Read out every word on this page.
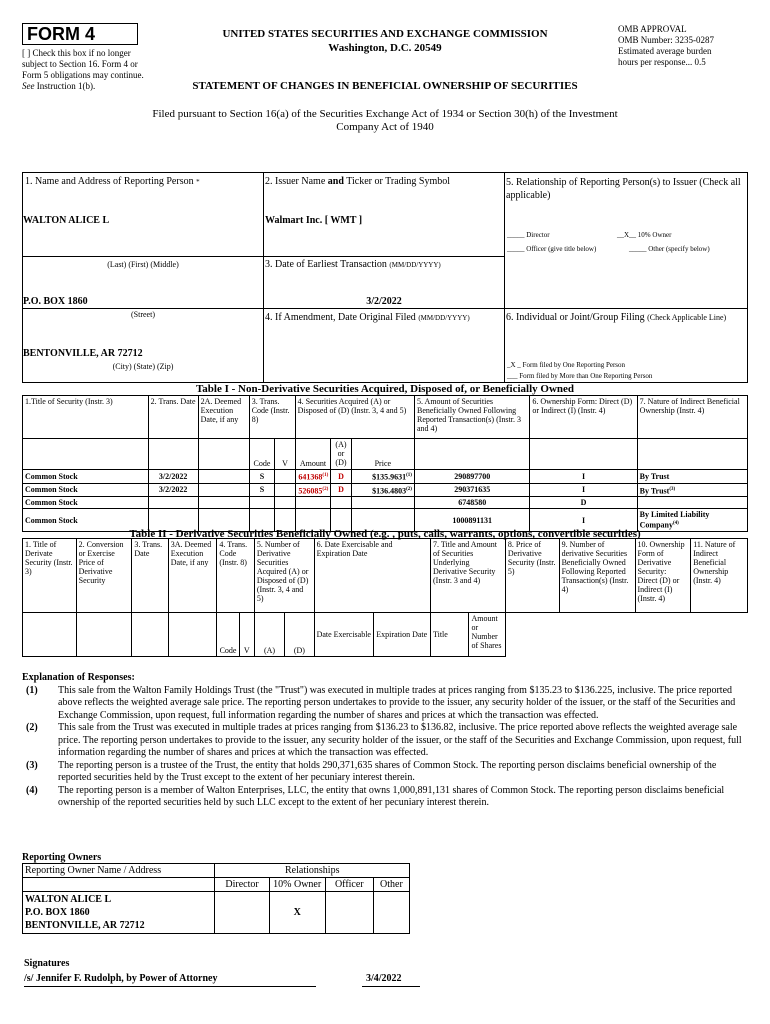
FORM 4
[ ] Check this box if no longer subject to Section 16. Form 4 or Form 5 obligations may continue. See Instruction 1(b).
UNITED STATES SECURITIES AND EXCHANGE COMMISSION
Washington, D.C. 20549
OMB APPROVAL
OMB Number: 3235-0287
Estimated average burden
hours per response... 0.5
STATEMENT OF CHANGES IN BENEFICIAL OWNERSHIP OF SECURITIES
Filed pursuant to Section 16(a) of the Securities Exchange Act of 1934 or Section 30(h) of the Investment Company Act of 1940
1. Name and Address of Reporting Person *
WALTON ALICE L
(Last) (First) (Middle)
P.O. BOX 1860
(Street)
BENTONVILLE, AR 72712
(City) (State) (Zip)
2. Issuer Name and Ticker or Trading Symbol
Walmart Inc. [ WMT ]
3. Date of Earliest Transaction (MM/DD/YYYY)
3/2/2022
4. If Amendment, Date Original Filed (MM/DD/YYYY)
5. Relationship of Reporting Person(s) to Issuer (Check all applicable)
_____ Director	__X__ 10% Owner
_____ Officer (give title below)	_____ Other (specify below)
6. Individual or Joint/Group Filing (Check Applicable Line)
_X _ Form filed by One Reporting Person
___ Form filed by More than One Reporting Person
Table I - Non-Derivative Securities Acquired, Disposed of, or Beneficially Owned
1.Title of Security (Instr. 3)	2. Trans. Date	2A. Deemed Execution Date, if any	3. Trans. Code (Instr. 8)		4. Securities Acquired (A) or Disposed of (D) (Instr. 3, 4 and 5)			5. Amount of Securities Beneficially Owned Following Reported Transaction(s) (Instr. 3 and 4)	6. Ownership Form: Direct (D) or Indirect (I) (Instr. 4)	7. Nature of Indirect Beneficial Ownership (Instr. 4)
			Code	V	Amount	(A) or (D)	Price			
Common Stock	3/2/2022		S		641368$^{(1)}$	D	$135.9631$^{(1)}$	290897700	I	By Trust
Common Stock	3/2/2022		S		526085$^{(2)}$	D	$136.4803$^{(2)}$	290371635	I	By Trust$^{(3)}$
Common Stock								6748580	D	
Common Stock								1000891131	I	By Limited Liability Company$^{(4)}$
Table II - Derivative Securities Beneficially Owned (e.g. , puts, calls, warrants, options, convertible securities)
1. Title of Derivate Security (Instr. 3)	2. Conversion or Exercise Price of Derivative Security	3. Trans. Date	3A. Deemed Execution Date, if any	4. Trans. Code (Instr. 8)		5. Number of Derivative Securities Acquired (A) or Disposed of (D) (Instr. 3, 4 and 5)		6. Date Exercisable and Expiration Date		7. Title and Amount of Securities Underlying Derivative Security (Instr. 3 and 4)		8. Price of Derivative Security (Instr. 5)	9. Number of derivative Securities Beneficially Owned Following Reported Transaction(s) (Instr. 4)	10. Ownership Form of Derivative Security: Direct (D) or Indirect (I) (Instr. 4)	11. Nature of Indirect Beneficial Ownership (Instr. 4)
				Code	V	(A)	(D)	Date Exercisable	Expiration Date	Title	Amount or Number of Shares				
Explanation of Responses:
(1)	This sale from the Walton Family Holdings Trust (the "Trust") was executed in multiple trades at prices ranging from $135.23 to $136.225, inclusive. The price reported above reflects the weighted average sale price. The reporting person undertakes to provide to the issuer, any security holder of the issuer, or the staff of the Securities and Exchange Commission, upon request, full information regarding the number of shares and prices at which the transaction was effected.
(2)	This sale from the Trust was executed in multiple trades at prices ranging from $136.23 to $136.82, inclusive. The price reported above reflects the weighted average sale price. The reporting person undertakes to provide to the issuer, any security holder of the issuer, or the staff of the Securities and Exchange Commission, upon request, full information regarding the number of shares and prices at which the transaction was effected.
(3)	The reporting person is a trustee of the Trust, the entity that holds 290,371,635 shares of Common Stock. The reporting person disclaims beneficial ownership of the reported securities held by the Trust except to the extent of her pecuniary interest therein.
(4)	The reporting person is a member of Walton Enterprises, LLC, the entity that owns 1,000,891,131 shares of Common Stock. The reporting person disclaims beneficial ownership of the reported securities held by such LLC except to the extent of her pecuniary interest therein.
Reporting Owners
Reporting Owner Name / Address	Relationships			
	Director	10% Owner	Officer	Other

WALTON ALICE L
P.O. BOX 1860
BENTONVILLE, AR 72712		X		
Signatures
/s/ Jennifer F. Rudolph, by Power of Attorney	3/4/2022
